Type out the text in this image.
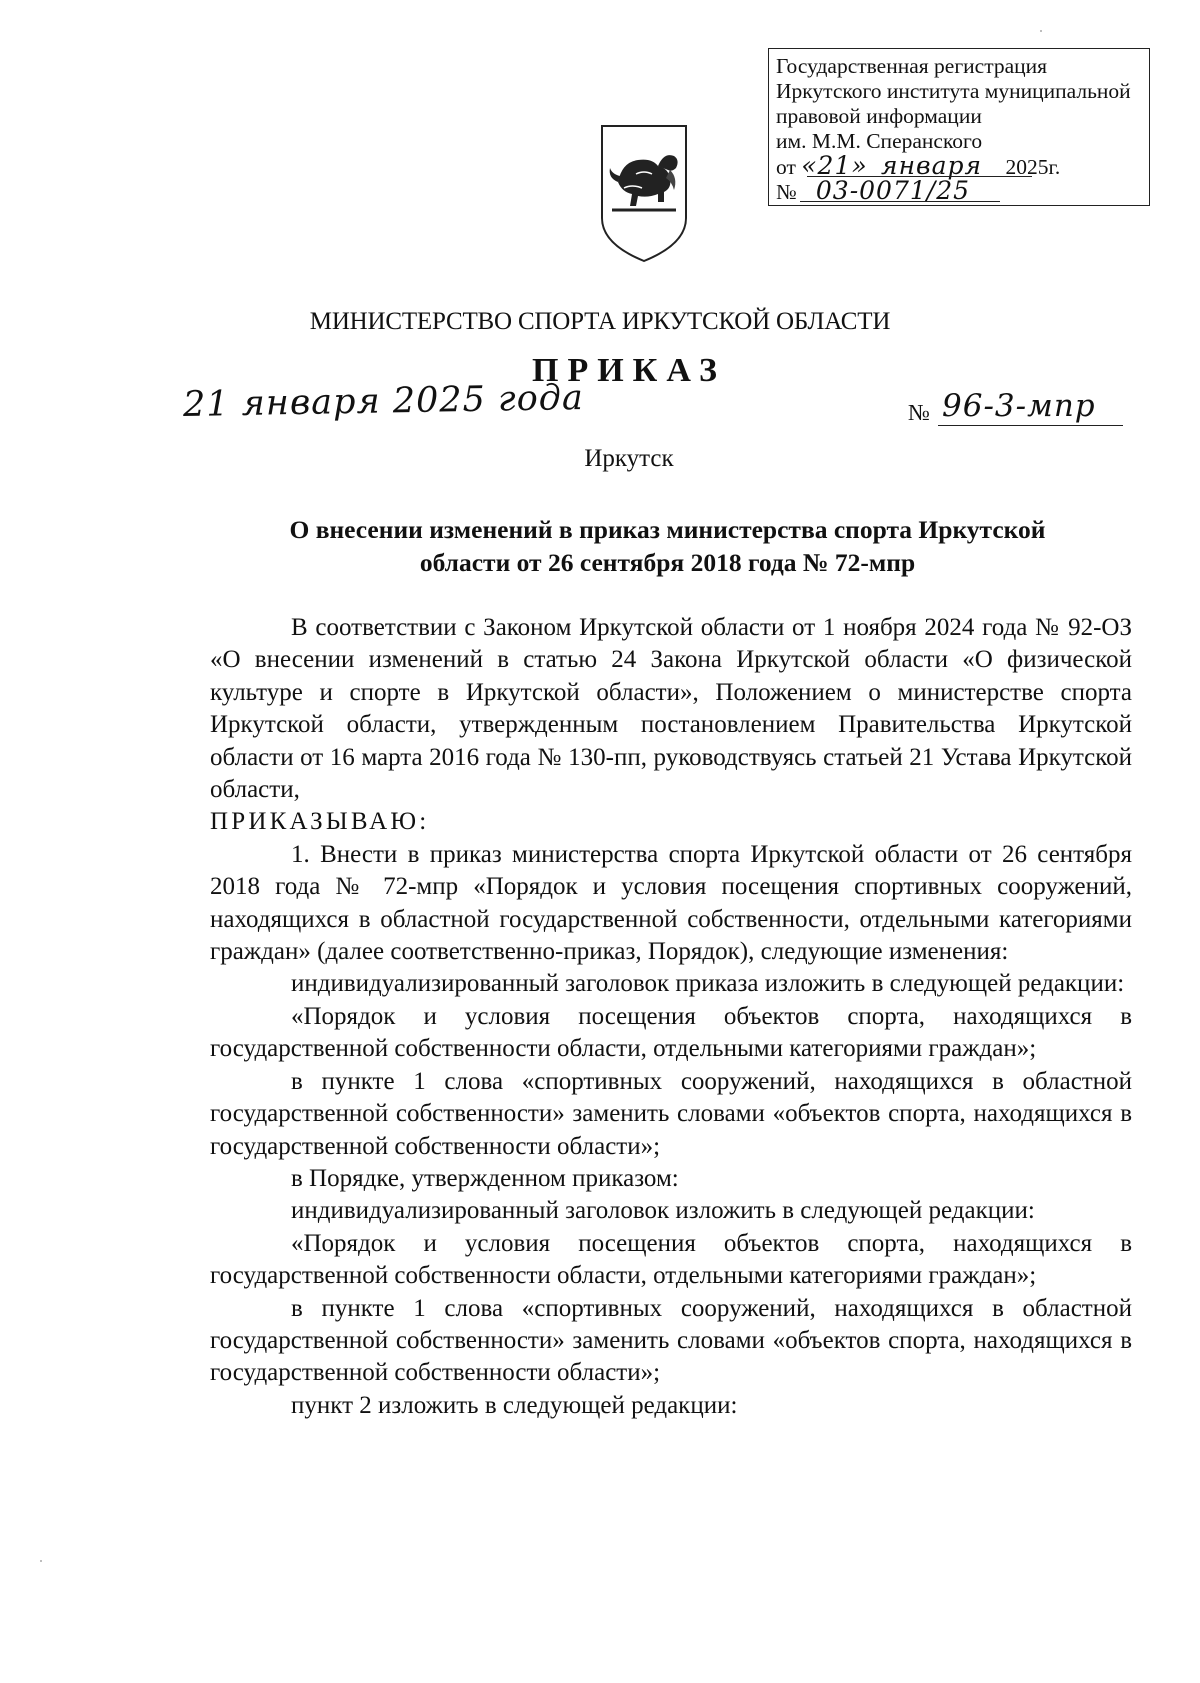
Государственная регистрация
Иркутского института муниципальной
правовой информации
им. М.М. Сперанского
от «21» января 2025г.
№ 03-0071/25
МИНИСТЕРСТВО СПОРТА ИРКУТСКОЙ ОБЛАСТИ
ПРИКАЗ
21 января 2025 года	№ 96-3-мпр
Иркутск
О внесении изменений в приказ министерства спорта Иркутской
области от 26 сентября 2018 года № 72-мпр

В соответствии с Законом Иркутской области от 1 ноября 2024 года № 92-ОЗ «О внесении изменений в статью 24 Закона Иркутской области «О физической культуре и спорте в Иркутской области», Положением о министерстве спорта Иркутской области, утвержденным постановлением Правительства Иркутской области от 16 марта 2016 года № 130-пп, руководствуясь статьей 21 Устава Иркутской области,

ПРИКАЗЫВАЮ:

1. Внести в приказ министерства спорта Иркутской области от 26 сентября 2018 года № 72-мпр «Порядок и условия посещения спортивных сооружений, находящихся в областной государственной собственности, отдельными категориями граждан» (далее соответственно-приказ, Порядок), следующие изменения:

индивидуализированный заголовок приказа изложить в следующей редакции:

«Порядок и условия посещения объектов спорта, находящихся в государственной собственности области, отдельными категориями граждан»;

в пункте 1 слова «спортивных сооружений, находящихся в областной государственной собственности» заменить словами «объектов спорта, находящихся в государственной собственности области»;

в Порядке, утвержденном приказом:

индивидуализированный заголовок изложить в следующей редакции:

«Порядок и условия посещения объектов спорта, находящихся в государственной собственности области, отдельными категориями граждан»;

в пункте 1 слова «спортивных сооружений, находящихся в областной государственной собственности» заменить словами «объектов спорта, находящихся в государственной собственности области»;

пункт 2 изложить в следующей редакции:
